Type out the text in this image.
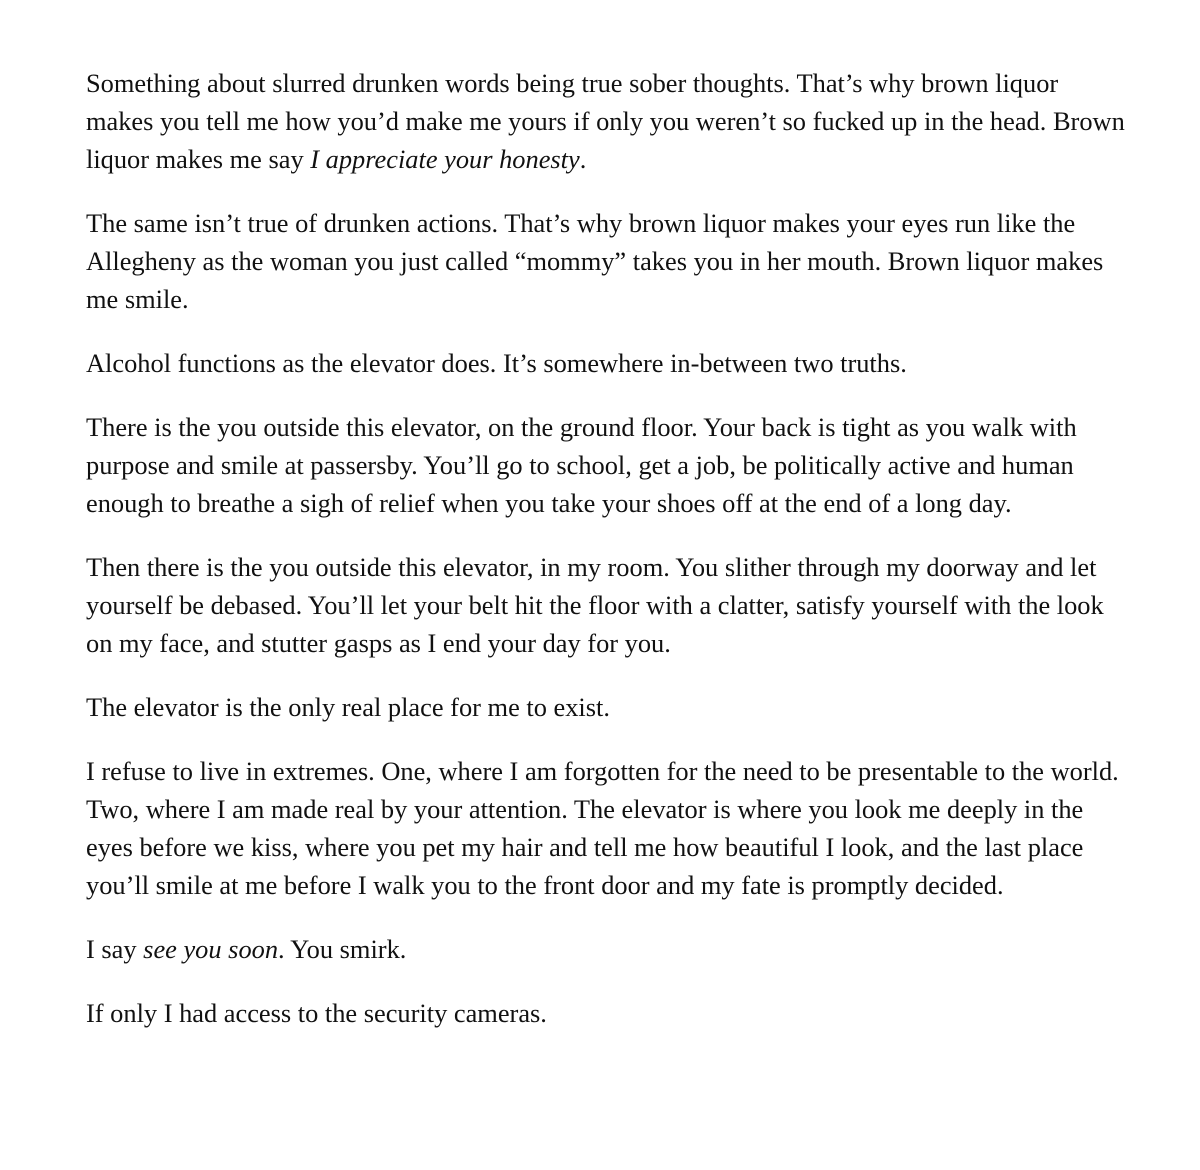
Something about slurred drunken words being true sober thoughts. That’s why brown liquor makes you tell me how you’d make me yours if only you weren’t so fucked up in the head. Brown liquor makes me say I appreciate your honesty.

The same isn’t true of drunken actions. That’s why brown liquor makes your eyes run like the Allegheny as the woman you just called “mommy” takes you in her mouth. Brown liquor makes me smile.

Alcohol functions as the elevator does. It’s somewhere in-between two truths.

There is the you outside this elevator, on the ground floor. Your back is tight as you walk with purpose and smile at passersby. You’ll go to school, get a job, be politically active and human enough to breathe a sigh of relief when you take your shoes off at the end of a long day.

Then there is the you outside this elevator, in my room. You slither through my doorway and let yourself be debased. You’ll let your belt hit the floor with a clatter, satisfy yourself with the look on my face, and stutter gasps as I end your day for you.

The elevator is the only real place for me to exist.

I refuse to live in extremes. One, where I am forgotten for the need to be presentable to the world. Two, where I am made real by your attention. The elevator is where you look me deeply in the eyes before we kiss, where you pet my hair and tell me how beautiful I look, and the last place you’ll smile at me before I walk you to the front door and my fate is promptly decided.

I say see you soon. You smirk.

If only I had access to the security cameras.
